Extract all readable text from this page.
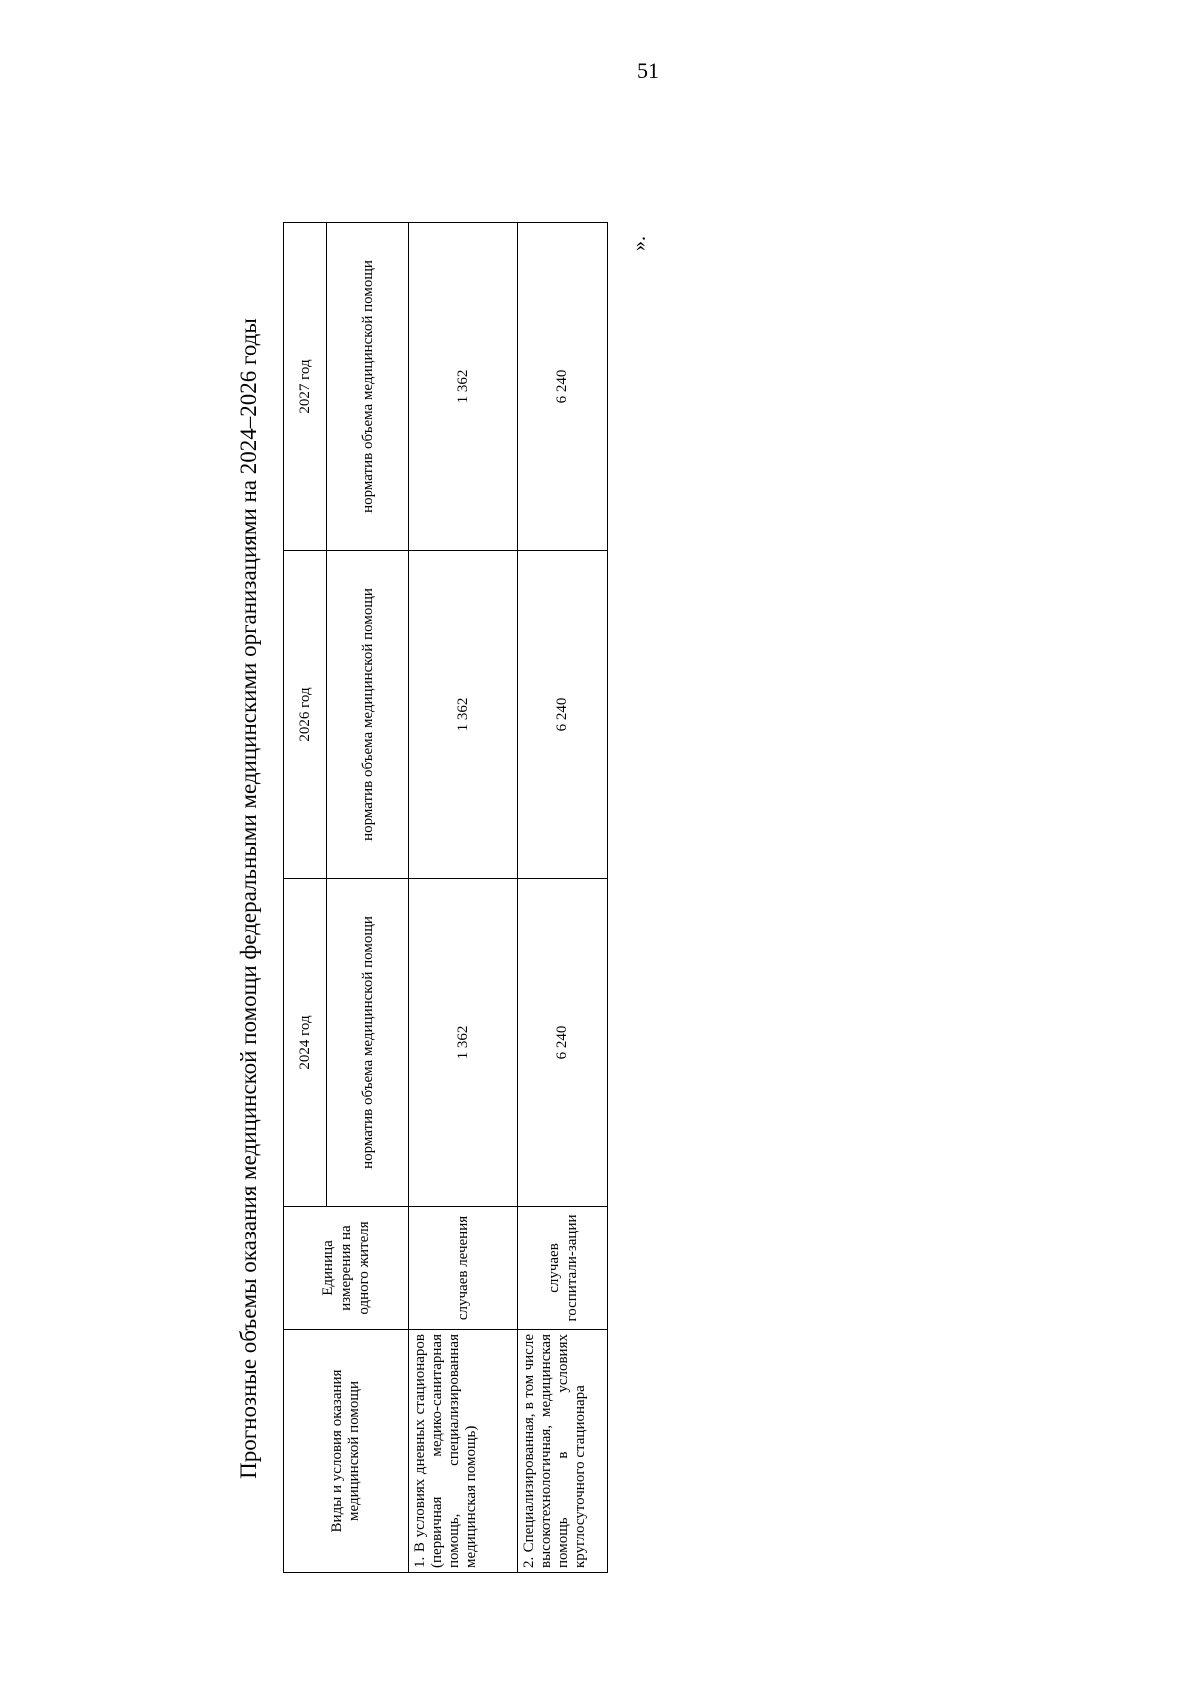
51
Прогнозные объемы оказания медицинской помощи федеральными медицинскими организациями на 2024–2026 годы	Виды и условия оказания медицинской помощи	Единица измерения на одного жителя	2024 год	2026 год	2027 год
		норматив объема медицинской помощи	норматив объема медицинской помощи	норматив объема медицинской помощи
1. В условиях дневных стационаров (первичная медико-санитарная помощь, специализированная медицинская помощь)	случаев лечения	1 362	1 362	1 362
2. Специализированная, в том числе высокотехнологичная, медицинская помощь в условиях круглосуточного стационара	случаев госпитали-зации	6 240	6 240	6 240
».
